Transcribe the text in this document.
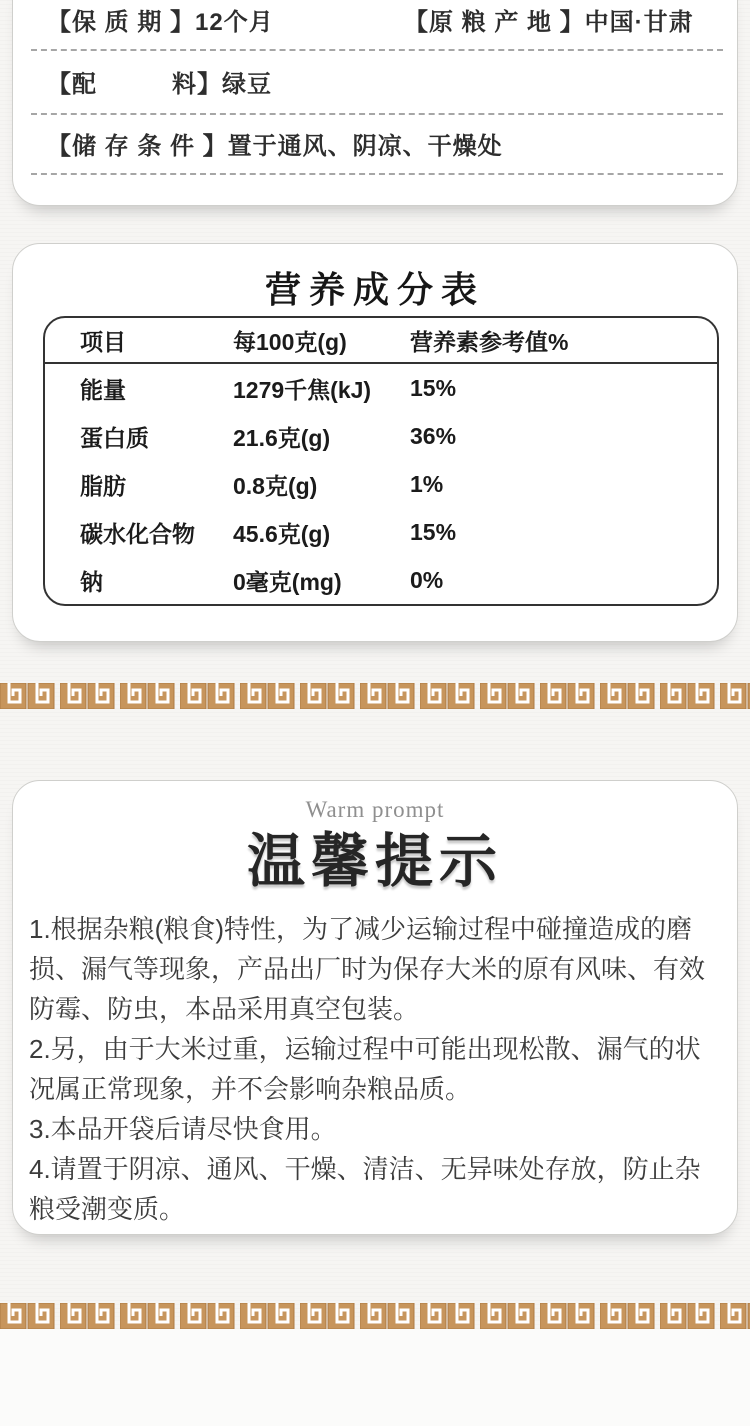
【保 质 期 】12个月	【原 粮 产 地 】中国·甘肃
【配　　　料】绿豆
【储 存 条 件 】置于通风、阴凉、干燥处
营养成分表
项目	每100克(g)	营养素参考值%
能量	1279千焦(kJ)	15%
蛋白质	21.6克(g)	36%
脂肪	0.8克(g)	1%
碳水化合物	45.6克(g)	15%
钠	0毫克(mg)	0%
Warm prompt
温馨提示

1.根据杂粮(粮食)特性，为了减少运输过程中碰撞造成的磨损、漏气等现象，产品出厂时为保存大米的原有风味、有效防霉、防虫，本品采用真空包装。

2.另，由于大米过重，运输过程中可能出现松散、漏气的状况属正常现象，并不会影响杂粮品质。

3.本品开袋后请尽快食用。

4.请置于阴凉、通风、干燥、清洁、无异味处存放，防止杂粮受潮变质。
